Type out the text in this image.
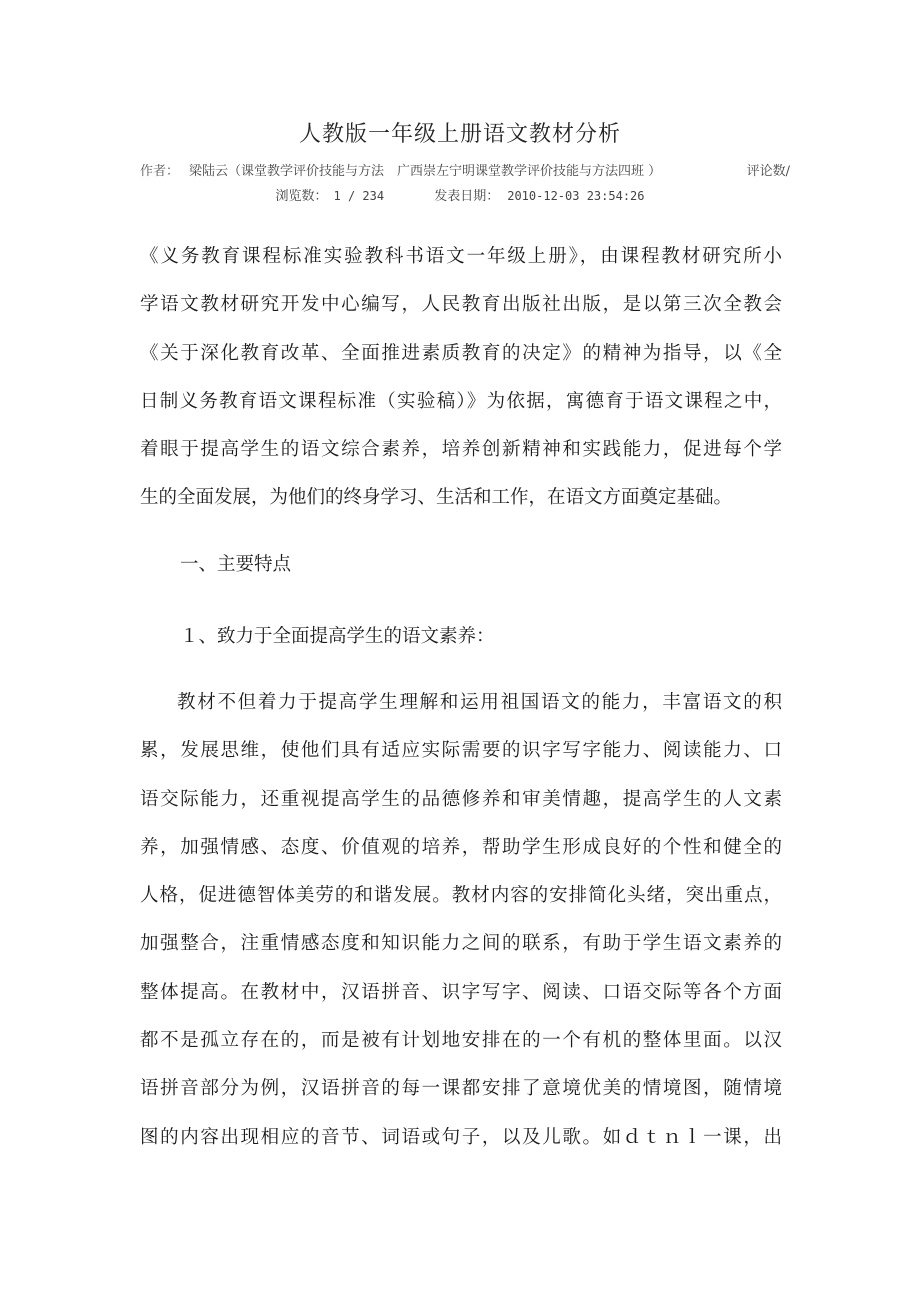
人教版一年级上册语文教材分析
作者： 梁陆云（课堂教学评价技能与方法　广西崇左宁明课堂教学评价技能与方法四班 ）	评论数/
浏览数： 1 / 234	发表日期： 2010-12-03 23:54:26
《义务教育课程标准实验教科书语文一年级上册》，由课程教材研究所小
学语文教材研究开发中心编写，人民教育出版社出版，是以第三次全教会
《关于深化教育改革、全面推进素质教育的决定》的精神为指导，以《全
日制义务教育语文课程标准（实验稿）》为依据，寓德育于语文课程之中，
着眼于提高学生的语文综合素养，培养创新精神和实践能力，促进每个学
生的全面发展，为他们的终身学习、生活和工作，在语文方面奠定基础。
一、主要特点
１、致力于全面提高学生的语文素养：
教材不但着力于提高学生理解和运用祖国语文的能力，丰富语文的积
累，发展思维，使他们具有适应实际需要的识字写字能力、阅读能力、口
语交际能力，还重视提高学生的品德修养和审美情趣，提高学生的人文素
养，加强情感、态度、价值观的培养，帮助学生形成良好的个性和健全的
人格，促进德智体美劳的和谐发展。教材内容的安排简化头绪，突出重点，
加强整合，注重情感态度和知识能力之间的联系，有助于学生语文素养的
整体提高。在教材中，汉语拼音、识字写字、阅读、口语交际等各个方面
都不是孤立存在的，而是被有计划地安排在的一个有机的整体里面。以汉
语拼音部分为例，汉语拼音的每一课都安排了意境优美的情境图，随情境
图的内容出现相应的音节、词语或句子，以及儿歌。如ｄｔｎｌ一课，出
